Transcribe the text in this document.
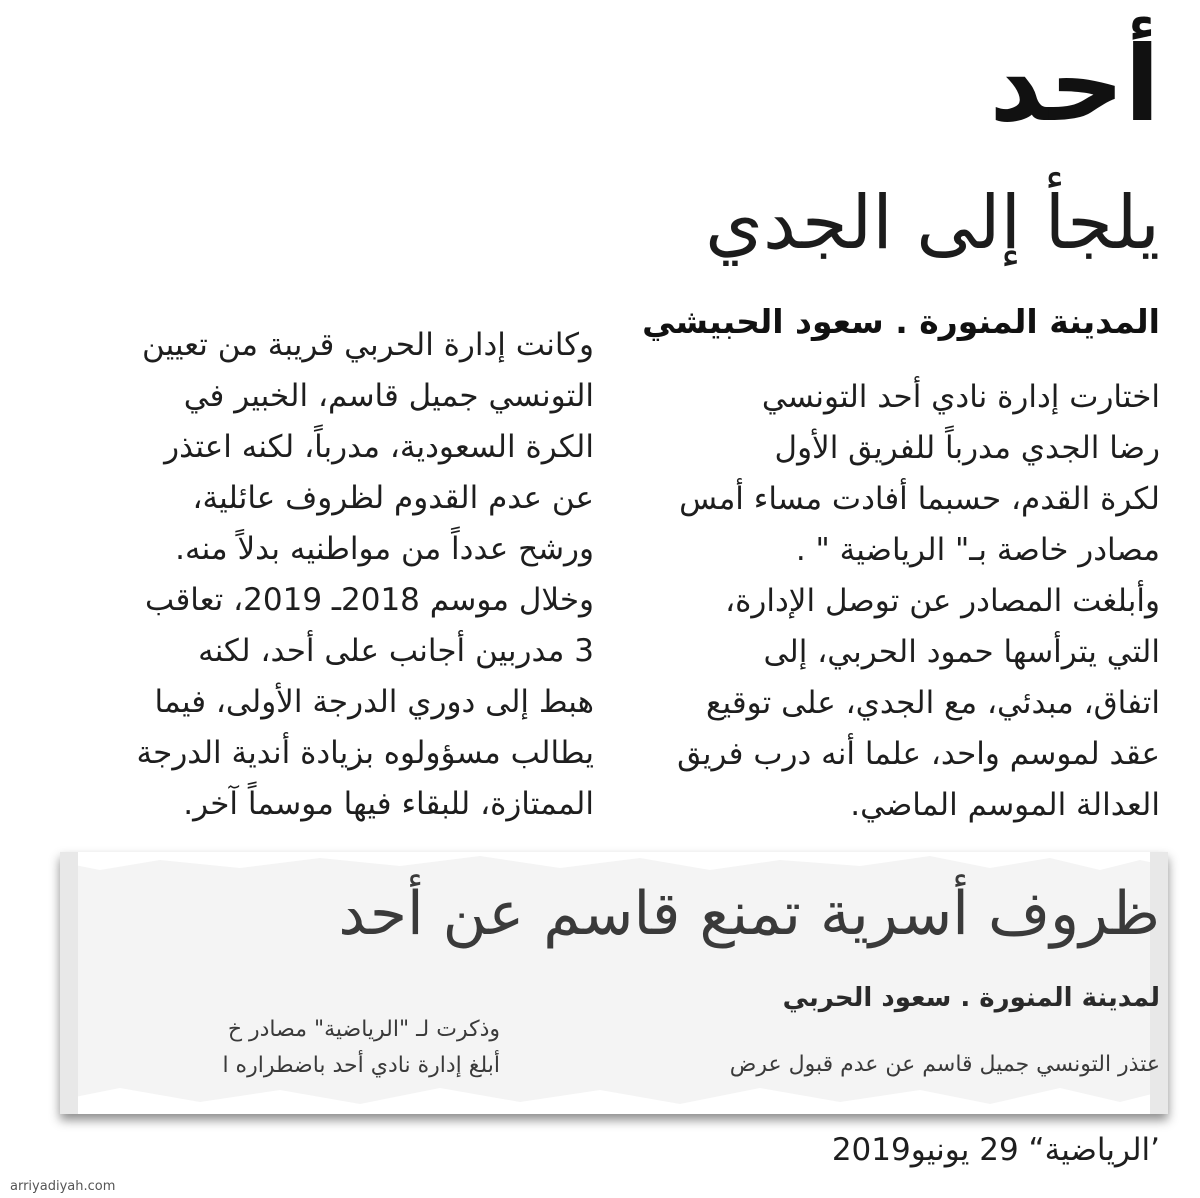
أحد
يلجأ إلى الجدي
المدينة المنورة . سعود الحبيشي
اختارت إدارة نادي أحد التونسي
رضا الجدي مدرباً للفريق الأول
لكرة القدم، حسبما أفادت مساء أمس
مصادر خاصة بـ" الرياضية " .
وأبلغت المصادر عن توصل الإدارة،
التي يترأسها حمود الحربي، إلى
اتفاق، مبدئي، مع الجدي، على توقيع
عقد لموسم واحد، علما أنه درب فريق
العدالة الموسم الماضي.
وكانت إدارة الحربي قريبة من تعيين
التونسي جميل قاسم، الخبير في
الكرة السعودية، مدرباً، لكنه اعتذر
عن عدم القدوم لظروف عائلية،
ورشح عدداً من مواطنيه بدلاً منه.
وخلال موسم 2018ـ 2019، تعاقب
3 مدربين أجانب على أحد، لكنه
هبط إلى دوري الدرجة الأولى، فيما
يطالب مسؤولوه بزيادة أندية الدرجة
الممتازة، للبقاء فيها موسماً آخر.
ظروف أسرية تمنع قاسم عن أحد
لمدينة المنورة . سعود الحربي
وذكرت لـ "الرياضية" مصادر خ
أبلغ إدارة نادي أحد باضطراره ا	عتذر التونسي جميل قاسم عن عدم قبول عرض
’الرياضية“ 29 يونيو2019
arriyadiyah.com
